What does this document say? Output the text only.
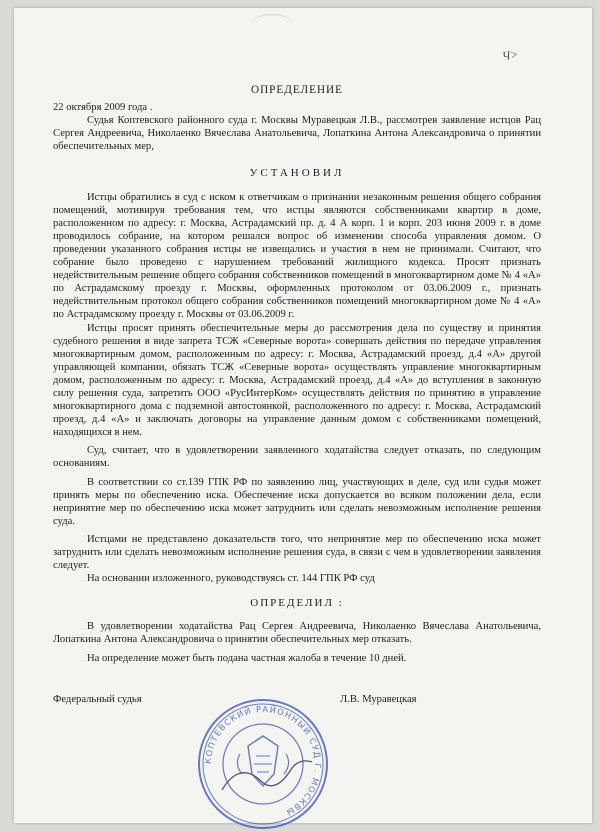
Ч>

ОПРЕДЕЛЕНИЕ

22 октября 2009 года .

Судья Коптевского районного суда г. Москвы Муравецкая Л.В., рассмотрев заявление истцов Рац Сергея Андреевича, Николаенко Вячеслава Анатольевича, Лопаткина Антона Александровича о принятии обеспечительных мер,

УСТАНОВИЛ

Истцы обратились в суд с иском к ответчикам о признании незаконным решения общего собрания помещений, мотивируя требования тем, что истцы являются собственниками квартир в доме, расположенном по адресу: г. Москва, Астрадамский пр. д. 4 А корп. 1 и корп. 203 июня 2009 г. в доме проводилось собрание, на котором решался вопрос об изменении способа управления домом. О проведении указанного собрания истцы не извещались и участия в нем не принимали. Считают, что собрание было проведено с нарушением требований жилищного кодекса. Просят признать недействительным решение общего собрания собственников помещений в многоквартирном доме № 4 «А» по Астрадамскому проезду г. Москвы, оформленных протоколом от 03.06.2009 г., признать недействительным протокол общего собрания собственников помещений многоквартирном доме № 4 «А» по Астрадамскому проезду г. Москвы от 03.06.2009 г.

Истцы просят принять обеспечительные меры до рассмотрения дела по существу и принятия судебного решения в виде запрета ТСЖ «Северные ворота» совершать действия по передаче управления многоквартирным домом, расположенным по адресу: г. Москва, Астрадамский проезд, д.4 «А» другой управляющей компании, обязать ТСЖ «Северные ворота» осуществлять управление многоквартирным домом, расположенным по адресу: г. Москва, Астрадамский проезд, д.4 «А» до вступления в законную силу решения суда, запретить ООО «РусИнтерКом» осуществлять действия по принятию в управление многоквартирного дома с подземной автостоянкой, расположенного по адресу: г. Москва, Астрадамский проезд, д.4 «А» и заключать договоры на управление данным домом с собственниками помещений, находящихся в нем.

Суд, считает, что в удовлетворении заявленного ходатайства следует отказать, по следующим основаниям.

В соответствии со ст.139 ГПК РФ по заявлению лиц, участвующих в деле, суд или судья может принять меры по обеспечению иска. Обеспечение иска допускается во всяком положении дела, если непринятие мер по обеспечению иска может затруднить или сделать невозможным исполнение решения суда.

Истцами не представлено доказательств того, что непринятие мер по обеспечению иска может затруднить или сделать невозможным исполнение решения суда, в связи с чем в удовлетворении заявления следует.

На основании изложенного, руководствуясь ст. 144 ГПК РФ суд

ОПРЕДЕЛИЛ :

В удовлетворении ходатайства Рац Сергея Андреевича, Николаенко Вячеслава Анатольевича, Лопаткина Антона Александровича о принятии обеспечительных мер отказать.

На определение может быть подана частная жалоба в течение 10 дней.

Федеральный судья	Л.В. Муравецкая
КОПТЕВСКИЙ РАЙОННЫЙ СУД Г. МОСКВЫ
